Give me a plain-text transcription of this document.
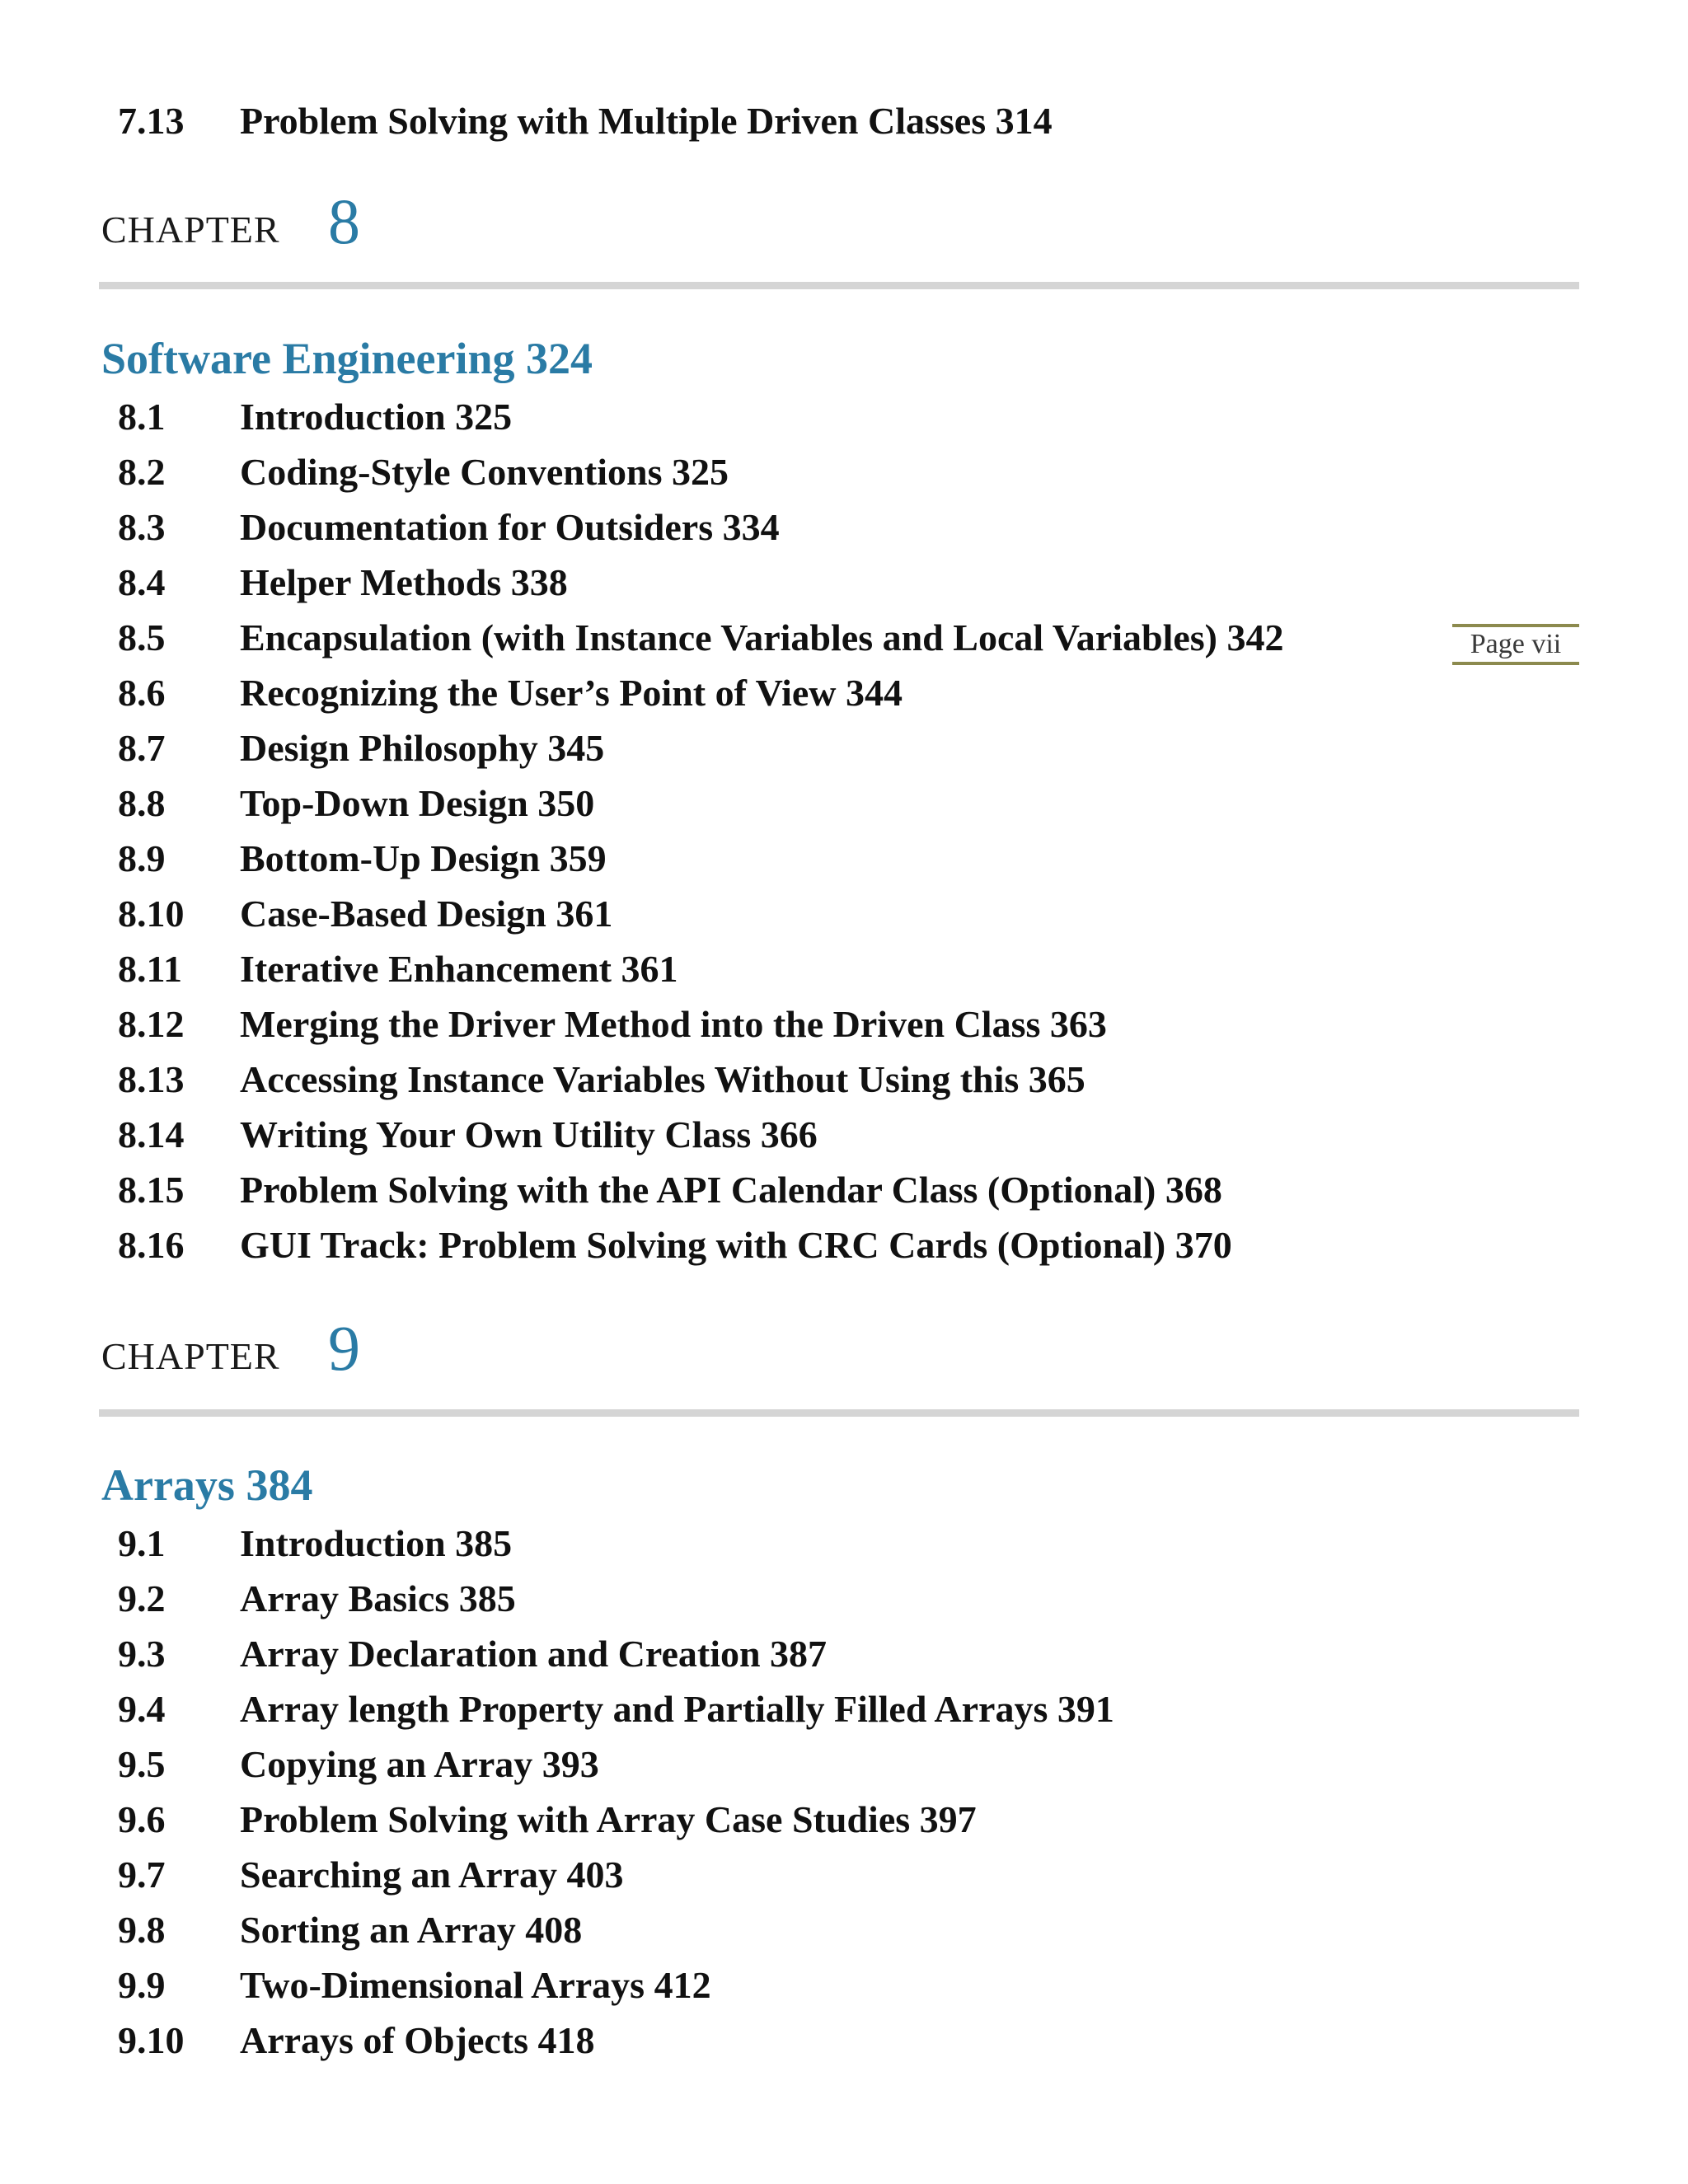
7.13	Problem Solving with Multiple Driven Classes 314
CHAPTER 8
Software Engineering 324
8.1	Introduction 325
8.2	Coding-Style Conventions 325
8.3	Documentation for Outsiders 334
8.4	Helper Methods 338
8.5	Encapsulation (with Instance Variables and Local Variables) 342
8.6	Recognizing the User’s Point of View 344
8.7	Design Philosophy 345
8.8	Top-Down Design 350
8.9	Bottom-Up Design 359
8.10	Case-Based Design 361
8.11	Iterative Enhancement 361
8.12	Merging the Driver Method into the Driven Class 363
8.13	Accessing Instance Variables Without Using this 365
8.14	Writing Your Own Utility Class 366
8.15	Problem Solving with the API Calendar Class (Optional) 368
8.16	GUI Track: Problem Solving with CRC Cards (Optional) 370
CHAPTER 9
Arrays 384
9.1	Introduction 385
9.2	Array Basics 385
9.3	Array Declaration and Creation 387
9.4	Array length Property and Partially Filled Arrays 391
9.5	Copying an Array 393
9.6	Problem Solving with Array Case Studies 397
9.7	Searching an Array 403
9.8	Sorting an Array 408
9.9	Two-Dimensional Arrays 412
9.10	Arrays of Objects 418
Page vii
